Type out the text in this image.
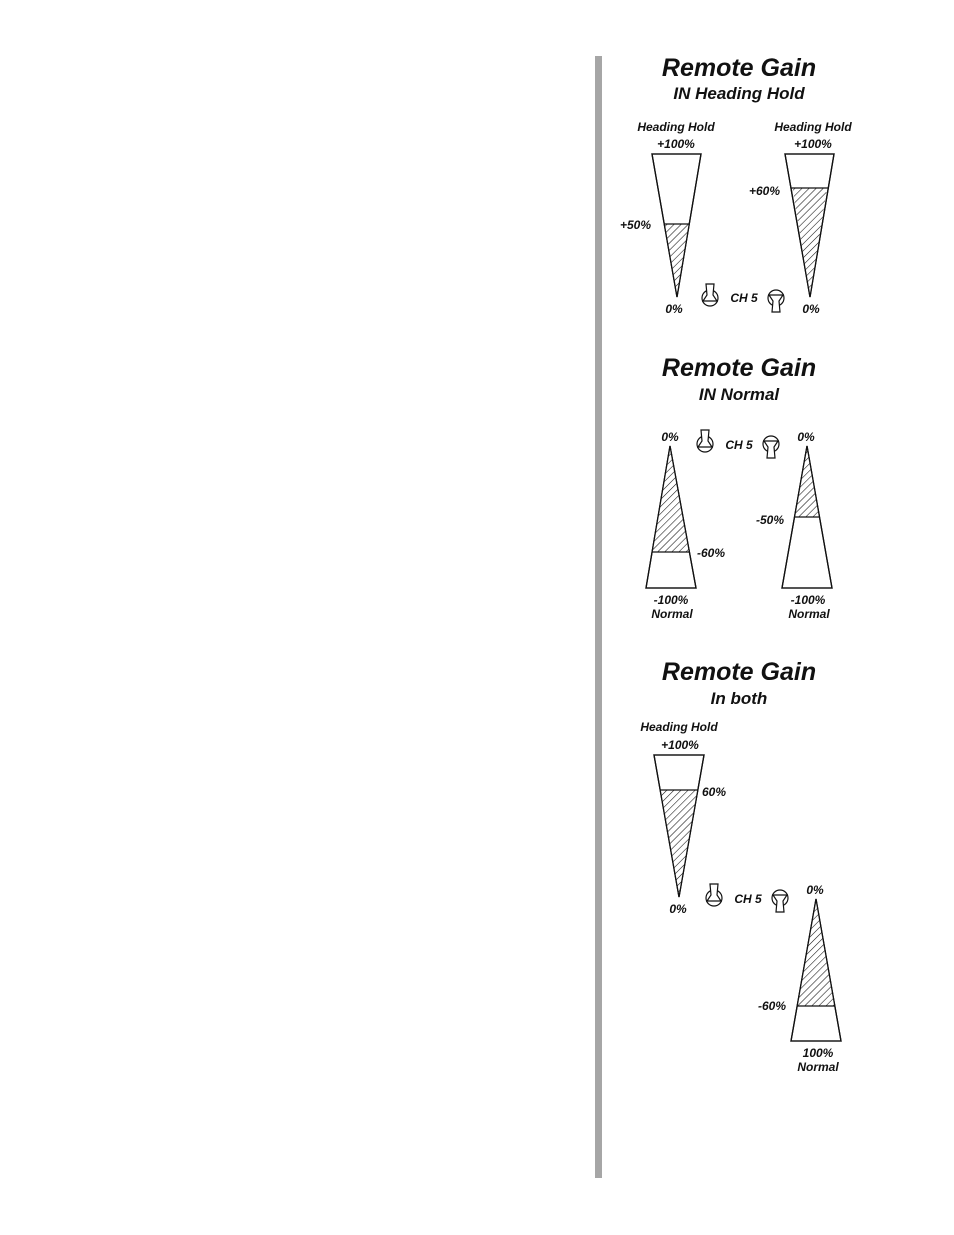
Remote Gain
IN Heading Hold
Heading Hold
+100%
+50%
0%
CH 5
Heading Hold
+100%
+60%
0%
Remote Gain
IN Normal
0%
-60%
-100%
Normal
CH 5
0%
-50%
-100%
Normal
Remote Gain
In both
Heading Hold
+100%
60%
0%
CH 5
0%
-60%
100%
Normal
